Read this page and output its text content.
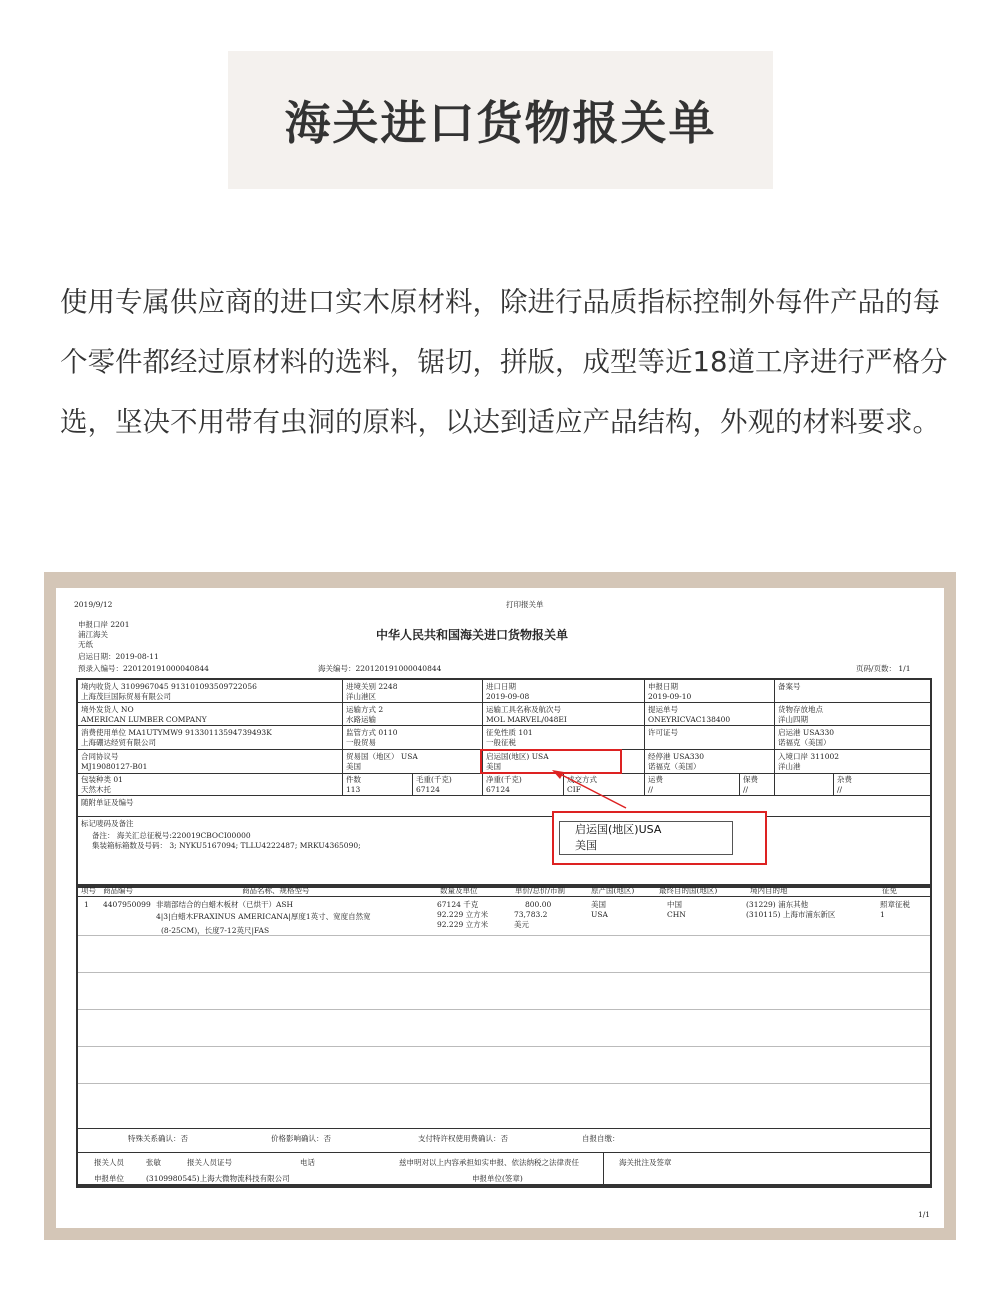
海关进口货物报关单

使用专属供应商的进口实木原材料，除进行品质指标控制外每件产品的每个零件都经过原材料的选料，锯切，拼版，成型等近18道工序进行严格分选，坚决不用带有虫洞的原料，以达到适应产品结构，外观的材料要求。

2019/9/12	打印报关单
申报口岸 2201
浦江海关
无纸
启运日期：2019-08-11
预录入编号：220120191000040844
中华人民共和国海关进口货物报关单
海关编号：220120191000040844	页码/页数： 1/1
境内收货人 3109967045 913101093509722056
上海茂巨国际贸易有限公司
进境关别 2248
洋山港区
进口日期
2019-09-08
申报日期
2019-09-10
备案号
境外发货人 NO
AMERICAN LUMBER COMPANY
运输方式 2
水路运输
运输工具名称及航次号
MOL MARVEL/048EI
提运单号
ONEYRICVAC138400
货物存放地点
洋山四期
消费使用单位 MA1UTYMW9 91330113594739493K
上海硼达经贸有限公司
监管方式 0110
一般贸易
征免性质 101
一般征税
许可证号	启运港 USA330
诺福克（美国）
合同协议号
MJ19080127-B01
贸易国（地区） USA
美国
启运国(地区) USA
美国
经停港 USA330
诺福克（美国）
入境口岸 311002
洋山港
包装种类 01
天然木托
件数
113
毛重(千克)
67124
净重(千克)
67124
成交方式
CIF
运费
//
保费
//
杂费
//
随附单证及编号
标记唛码及备注
备注： 海关汇总征税号:220019CBOCI00000
集装箱标箱数及号码： 3; NYKU5167094; TLLU4222487; MRKU4365090;
项号 商品编号	商品名称、规格型号	数量及单位	单价/总价/币制	原产国(地区)	最终目的国(地区)	境内目的地	征免
1 4407950099 非端部结合的白蜡木板材（已烘干）ASH
4|3|白蜡木FRAXINUS AMERICANA|厚度1英寸、宽度自然宽
(8-25CM)，长度7-12英尺|FAS
67124 千克
92.229 立方米
92.229 立方米
800.00
73,783.2
美元
美国
USA
中国
CHN
(31229) 浦东其他
(310115) 上海市浦东新区
照章征税
1
特殊关系确认：否	价格影响确认：否	支付特许权使用费确认：否	自报自缴：
报关人员	张敏	报关人员证号	电话	兹申明对以上内容承担如实申报、依法纳税之法律责任	海关批注及签章
申报单位	(3109980545)上海大微物流科技有限公司	申报单位(签章)
1/1
启运国(地区)USA
美国
